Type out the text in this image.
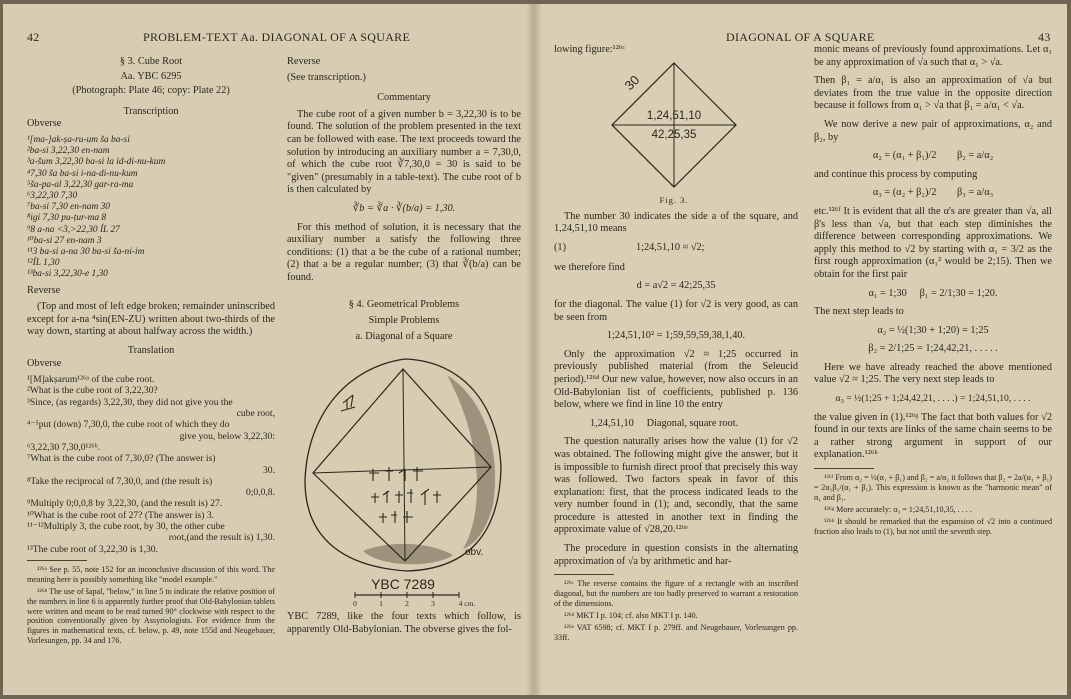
42	PROBLEM-TEXT Aa. DIAGONAL OF A SQUARE
§ 3. Cube Root
Aa. YBC 6295
(Photograph: Plate 46; copy: Plate 22)
Transcription
Obverse
¹[ma-]ak-ṣa-ru-um ša ba-si
²ba-si 3,22,30 en-nam
³a-šum 3,22,30 ba-si la id-di-nu-kum
⁴7,30 ša ba-si i-na-di-nu-kum
⁵ša-pa-al 3,22,30 gar-ra-ma
⁶3,22,30 7,30
⁷ba-si 7,30 en-nam 30
⁸igi 7,30 pu-ṭur-ma 8
⁹8 a-na <3,>22,30 ÍL 27
¹⁰ba-si 27 en-nam 3
¹¹3 ba-si a-na 30 ba-si ša-ni-im
¹²ÍL 1,30
¹³ba-si 3,22,30-e 1,30
Reverse

(Top and most of left edge broken; remainder uninscribed except for a-na ⁴sin(EN-ZU) written about two-thirds of the way down, starting at about halfway across the width.)

Translation
Obverse
¹[M]akṣarum¹²⁶ᵃ of the cube root.
²What is the cube root of 3,22,30?
³Since, (as regards) 3,22,30, they did not give you the
cube root,
⁴⁻⁵put (down) 7,30,0, the cube root of which they do
give you, below 3,22,30:
⁶3,22,30 7,30,0¹²⁶ᵇ.
⁷What is the cube root of 7,30,0? (The answer is)
30.
⁸Take the reciprocal of 7,30,0, and (the result is)
0;0,0,8.
⁹Multiply 0;0,0,8 by 3,22,30, (and the result is) 27.
¹⁰What is the cube root of 27? (The answer is) 3.
¹¹⁻¹²Multiply 3, the cube root, by 30, the other cube
root,(and the result is) 1,30.
¹³The cube root of 3,22,30 is 1,30.

¹²⁶ᵃ See p. 55, note 152 for an inconclusive discussion of this word. The meaning here is possibly something like "model example."

¹²⁶ᵇ The use of šapal, "below," in line 5 to indicate the relative position of the numbers in line 6 is apparently further proof that Old-Babylonian tablets were written and meant to be read turned 90° clockwise with respect to the position conventionally given by Assyriologists. For evidence from the figures in mathematical texts, cf. below, p. 49, note 155d and Neugebauer, Vorlesungen, pp. 34 and 176.

Reverse
(See transcription.)
Commentary

The cube root of a given number b = 3,22,30 is to be found. The solution of the problem presented in the text can be followed with ease. The text proceeds toward the solution by introducing an auxiliary number a = 7,30,0, of which the cube root ∛7,30,0 = 30 is said to be "given" (presumably in a table-text). The cube root of b is then calculated by

∛b = ∛a · ∛(b/a) = 1,30.

For this method of solution, it is necessary that the auxiliary number a satisfy the following three conditions: (1) that a be the cube of a rational number; (2) that a be a regular number; (3) that ∛(b/a) can be found.

§ 4. Geometrical Problems
Simple Problems
a. Diagonal of a Square
obv.
YBC 7289
0	1	2	3	4 cm.

YBC 7289, like the four texts which follow, is apparently Old-Babylonian. The obverse gives the fol-

DIAGONAL OF A SQUARE	43
lowing figure:¹²⁶ᶜ
30
1,24,51,10
42,25,35
Fig. 3.

The number 30 indicates the side a of the square, and 1,24,51,10 means

(1)	1;24,51,10 ≈ √2;

we therefore find

d = a√2 = 42;25,35

for the diagonal. The value (1) for √2 is very good, as can be seen from

1;24,51,10² = 1;59,59,59,38,1,40.

Only the approximation √2 ≈ 1;25 occurred in previously published material (from the Seleucid period).¹²⁶ᵈ Our new value, however, now also occurs in an Old-Babylonian list of coefficients, published p. 136 below, where we find in line 10 the entry

1,24,51,10     Diagonal, square root.

The question naturally arises how the value (1) for √2 was obtained. The following might give the answer, but it is impossible to furnish direct proof that precisely this way was followed. Two factors speak in favor of this explanation: first, that the process indicated leads to the very number found in (1); and, secondly, that the same procedure is attested in another text in finding the approximate value of √28,20.¹²⁶ᵉ

The procedure in question consists in the alternating approximation of √a by arithmetic and har-

¹²⁶ᶜ The reverse contains the figure of a rectangle with an inscribed diagonal, but the numbers are too badly preserved to warrant a restoration of the dimensions.

¹²⁶ᵈ MKT I p. 104; cf. also MKT I p. 140.

¹²⁶ᵉ VAT 6598; cf. MKT I p. 279ff. and Neugebauer, Vorlesungen pp. 33ff.

monic means of previously found approximations. Let α₁ be any approximation of √a such that α₁ > √a.

Then β₁ = a/α₁ is also an approximation of √a but deviates from the true value in the opposite direction because it follows from α₁ > √a that β₁ = a/α₁ < √a.

We now derive a new pair of approximations, α₂ and β₂, by

α₂ = (α₁ + β₁)/2        β₂ = a/α₂

and continue this process by computing

α₃ = (α₂ + β₂)/2        β₃ = a/α₃

etc.¹²⁶ᶠ It is evident that all the α's are greater than √a, all β's less than √a, but that each step diminishes the difference between corresponding approximations. We apply this method to √2 by starting with α₁ = 3/2 as the first rough approximation (α₁² would be 2;15). Then we obtain for the first pair

α₁ = 1;30     β₁ = 2/1;30 = 1;20.

The next step leads to

α₂ = ½(1;30 + 1;20) = 1;25
β₂ = 2/1;25 = 1;24,42,21, . . . . .

Here we have already reached the above mentioned value √2 ≈ 1;25. The very next step leads to

α₃ = ½(1;25 + 1;24,42,21, . . . .) = 1;24,51,10, . . . .

the value given in (1).¹²⁶ᵍ The fact that both values for √2 found in our texts are links of the same chain seems to be a rather strong argument in support of our explanation.¹²⁶ʰ

¹²⁶ᶠ From α₂ = ½(α₁ + β₁) and β₂ = a/α₂ it follows that β₂ = 2a/(α₁ + β₁) = 2α₁β₁/(α₁ + β₁). This expression is known as the "harmonic mean" of α₁ and β₁.

¹²⁶ᵍ More accurately: α₃ = 1;24,51,10,35, . . . .

¹²⁶ʰ It should be remarked that the expansion of √2 into a continued fraction also leads to (1), but not until the seventh step.
